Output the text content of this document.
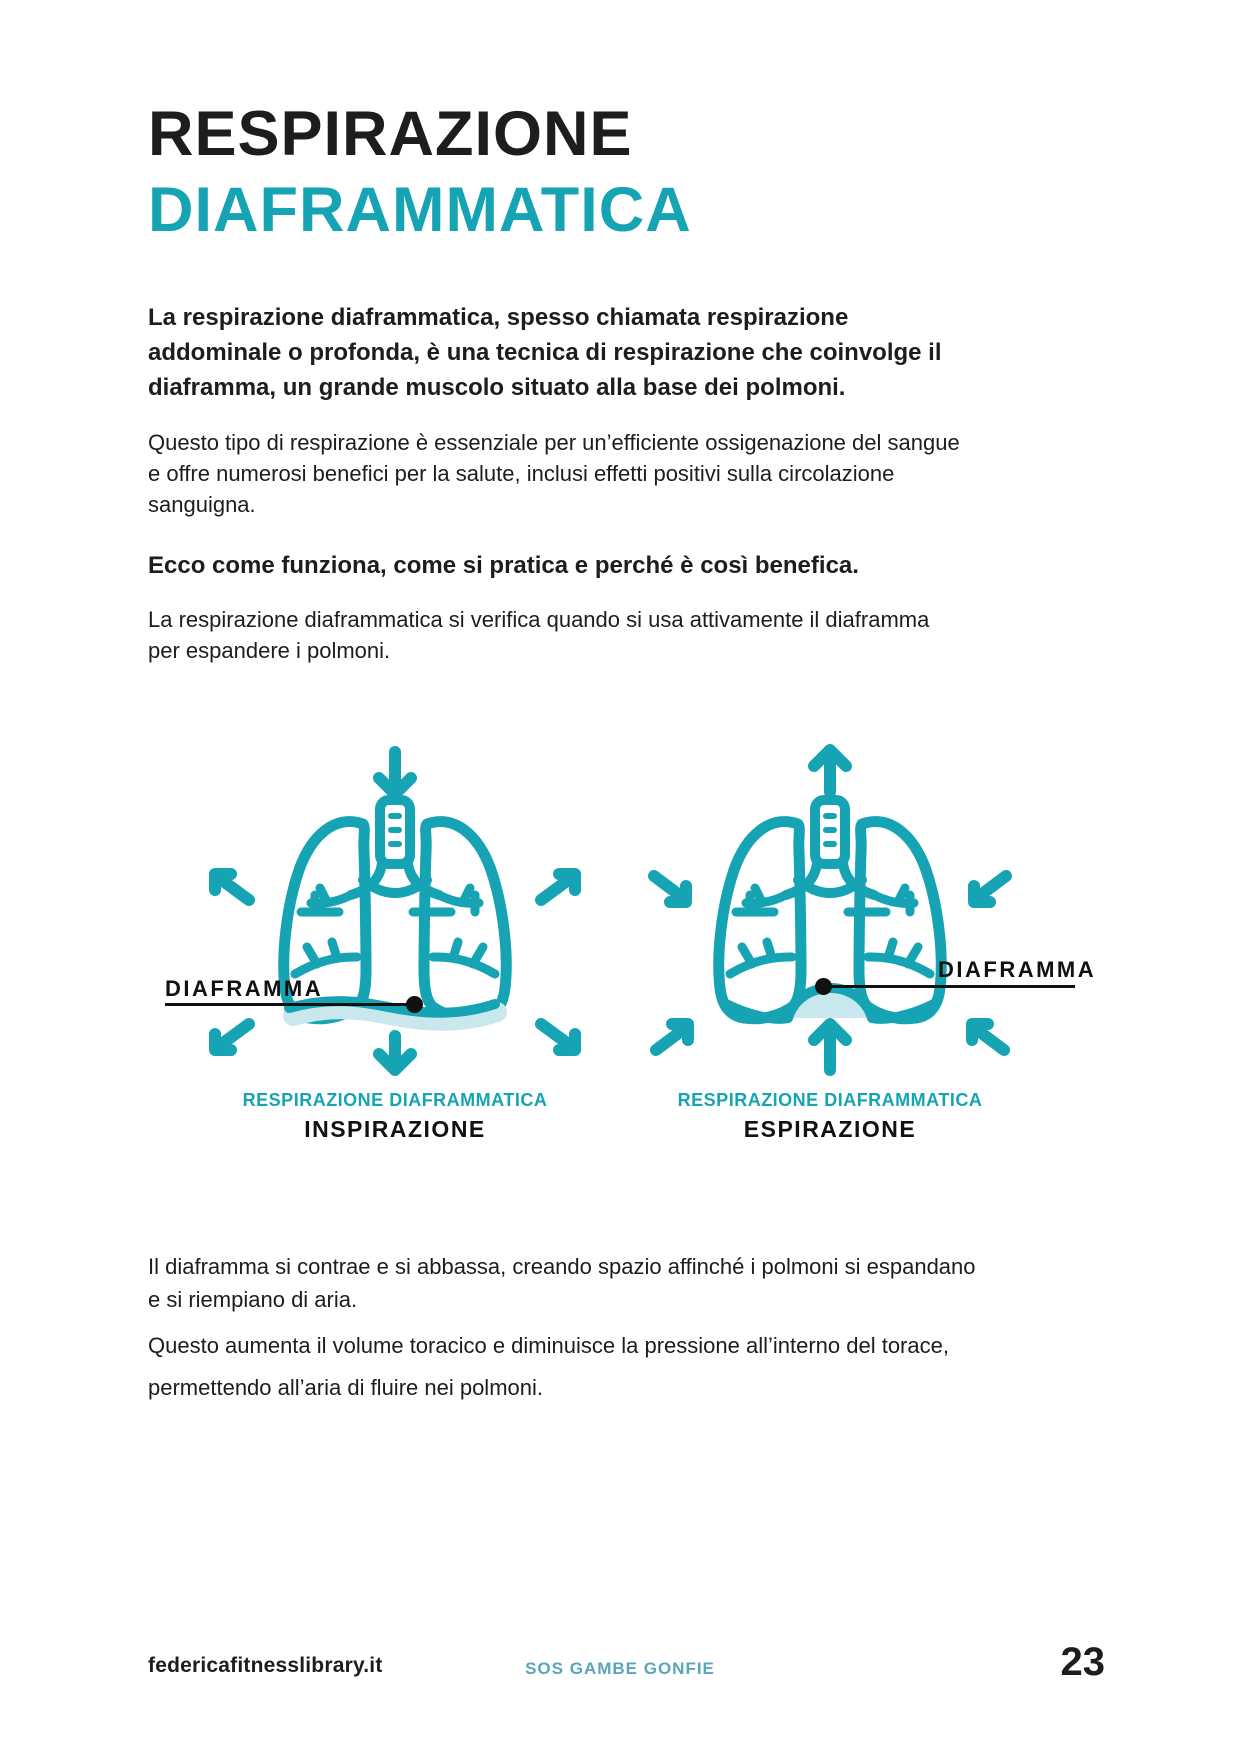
RESPIRAZIONE
DIAFRAMMATICA

La respirazione diaframmatica, spesso chiamata respirazione addominale o profonda, è una tecnica di respirazione che coinvolge il diaframma, un grande muscolo situato alla base dei polmoni.

Questo tipo di respirazione è essenziale per un’efficiente ossigenazione del sangue e offre numerosi benefici per la salute, inclusi effetti positivi sulla circolazione sanguigna.

Ecco come funziona, come si pratica e perché è così benefica.

La respirazione diaframmatica si verifica quando si usa attivamente il diaframma per espandere i polmoni.

DIAFRAMMA
DIAFRAMMA
RESPIRAZIONE DIAFRAMMATICA
INSPIRAZIONE
RESPIRAZIONE DIAFRAMMATICA
ESPIRAZIONE

Il diaframma si contrae e si abbassa, creando spazio affinché i polmoni si espandano e si riempiano di aria.

Questo aumenta il volume toracico e diminuisce la pressione all’interno del torace, permettendo all’aria di fluire nei polmoni.

federicafitnesslibrary.it	SOS GAMBE GONFIE	23
